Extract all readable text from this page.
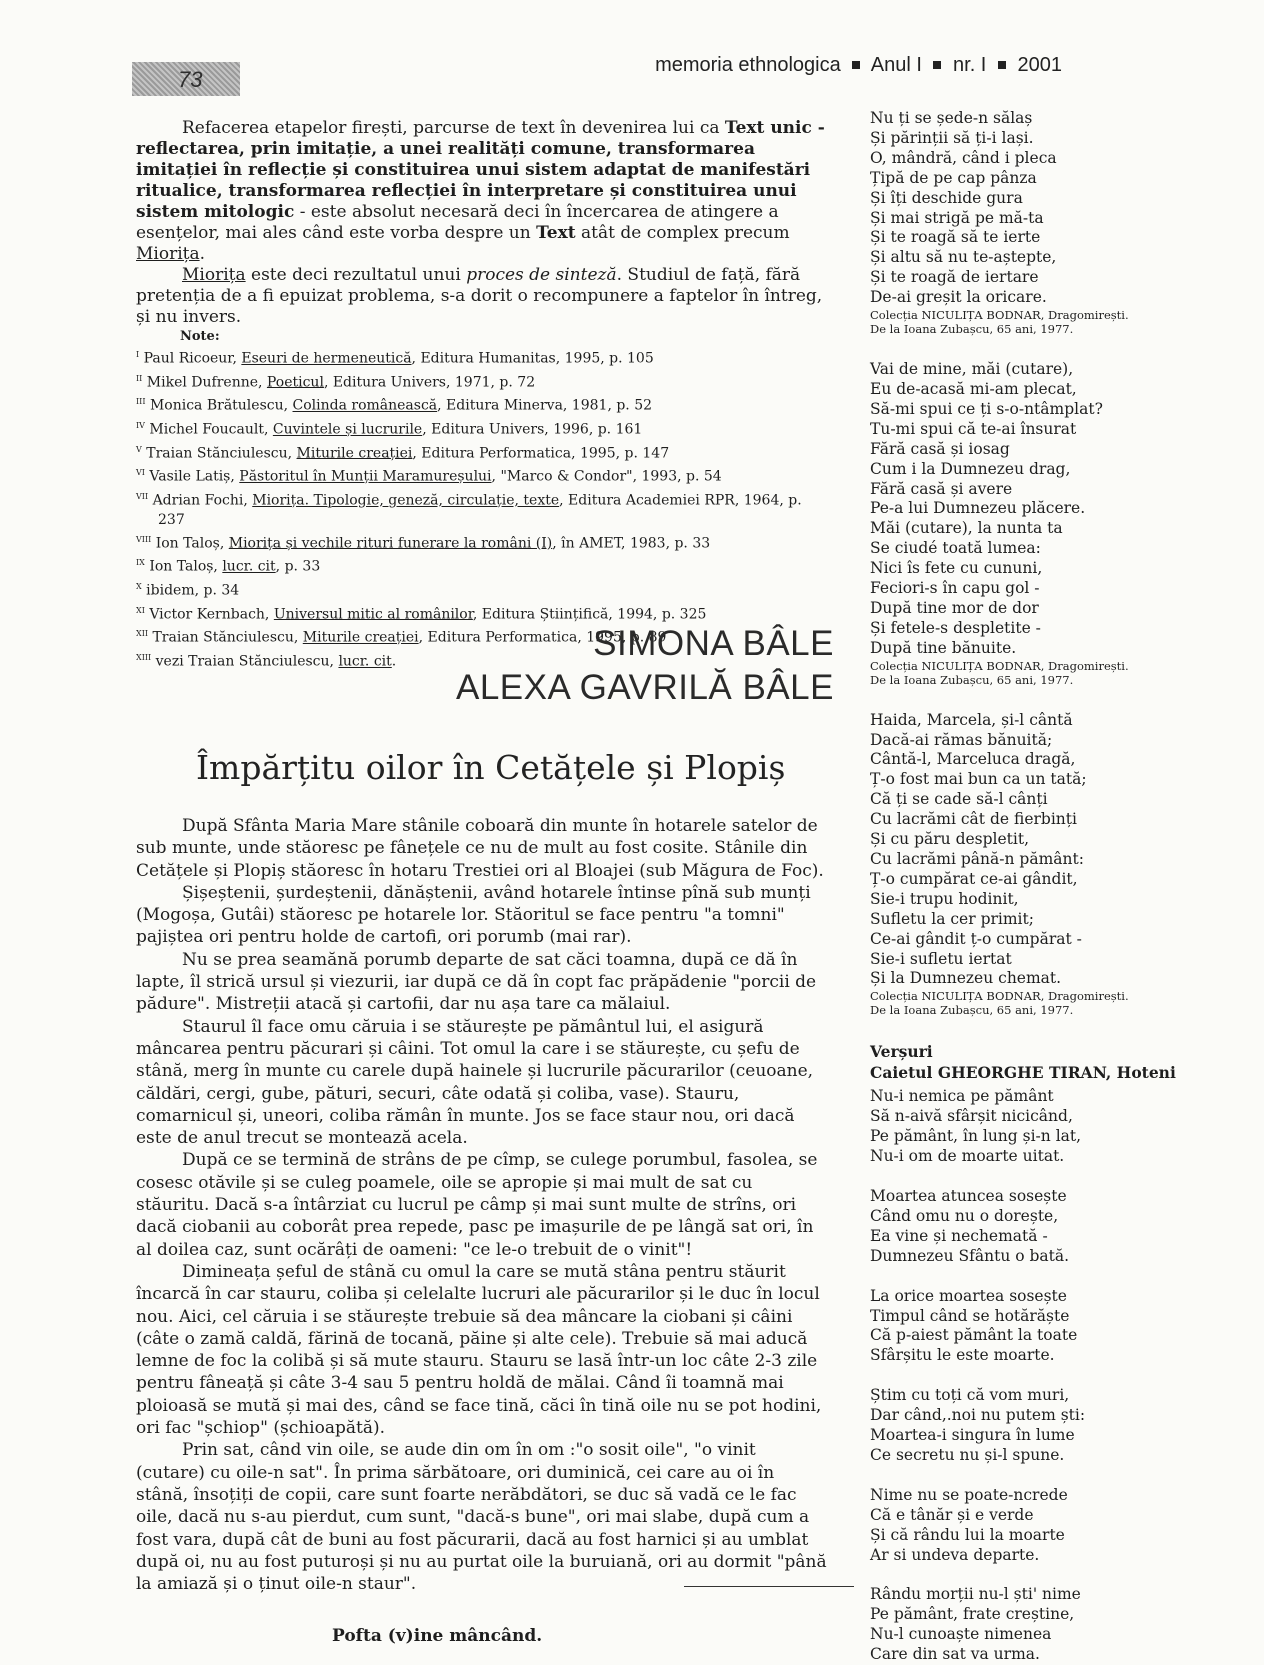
73
memoria ethnologica Anul I nr. I 2001

Refacerea etapelor firești, parcurse de text în devenirea lui ca Text unic - reflectarea, prin imitație, a unei realități comune, transformarea imitației în reflecție și constituirea unui sistem adaptat de manifestări ritualice, transformarea reflecției în interpretare și constituirea unui sistem mitologic - este absolut necesară deci în încercarea de atingere a esențelor, mai ales când este vorba despre un Text atât de complex precum Miorița.

Miorița este deci rezultatul unui proces de sinteză. Studiul de față, fără pretenția de a fi epuizat problema, s-a dorit o recompunere a faptelor în întreg, și nu invers.

Note:

$^I$ Paul Ricoeur, Eseuri de hermeneutică, Editura Humanitas, 1995, p. 105

$^{II}$ Mikel Dufrenne, Poeticul, Editura Univers, 1971, p. 72

$^{III}$ Monica Brătulescu, Colinda românească, Editura Minerva, 1981, p. 52

$^{IV}$ Michel Foucault, Cuvintele și lucrurile, Editura Univers, 1996, p. 161

$^V$ Traian Stănciulescu, Miturile creației, Editura Performatica, 1995, p. 147

$^{VI}$ Vasile Latiș, Păstoritul în Munții Maramureșului, "Marco & Condor", 1993, p. 54

$^{VII}$ Adrian Fochi, Miorița. Tipologie, geneză, circulație, texte, Editura Academiei RPR, 1964, p. 237

$^{VIII}$ Ion Taloș, Miorița și vechile rituri funerare la români (I), în AMET, 1983, p. 33

$^{IX}$ Ion Taloș, lucr. cit, p. 33

$^X$ ibidem, p. 34

$^{XI}$ Victor Kernbach, Universul mitic al românilor, Editura Științifică, 1994, p. 325

$^{XII}$ Traian Stănciulescu, Miturile creației, Editura Performatica, 1995, p. 89

$^{XIII}$ vezi Traian Stănciulescu, lucr. cit.	SIMONA BÂLE
ALEXA GAVRILĂ BÂLE
Împărțitu oilor în Cetățele și Plopiș

După Sfânta Maria Mare stânile coboară din munte în hotarele satelor de sub munte, unde stăoresc pe fânețele ce nu de mult au fost cosite. Stânile din Cetățele și Plopiș stăoresc în hotaru Trestiei ori al Bloajei (sub Măgura de Foc).

Șișeștenii, șurdeștenii, dănăștenii, având hotarele întinse pînă sub munți (Mogoșa, Gutâi) stăoresc pe hotarele lor. Stăoritul se face pentru "a tomni" pajiștea ori pentru holde de cartofi, ori porumb (mai rar).

Nu se prea seamănă porumb departe de sat căci toamna, după ce dă în lapte, îl strică ursul și viezurii, iar după ce dă în copt fac prăpădenie "porcii de pădure". Mistreții atacă și cartofii, dar nu așa tare ca mălaiul.

Staurul îl face omu căruia i se stăurește pe pământul lui, el asigură mâncarea pentru păcurari și câini. Tot omul la care i se stăurește, cu șefu de stână, merg în munte cu carele după hainele și lucrurile păcurarilor (ceuoane, căldări, cergi, gube, pături, securi, câte odată și coliba, vase). Stauru, comarnicul și, uneori, coliba rămân în munte. Jos se face staur nou, ori dacă este de anul trecut se montează acela.

După ce se termină de strâns de pe cîmp, se culege porumbul, fasolea, se cosesc otăvile și se culeg poamele, oile se apropie și mai mult de sat cu stăuritu. Dacă s-a întârziat cu lucrul pe câmp și mai sunt multe de strîns, ori dacă ciobanii au coborât prea repede, pasc pe imașurile de pe lângă sat ori, în al doilea caz, sunt ocărâți de oameni: "ce le-o trebuit de o vinit"!

Dimineața șeful de stână cu omul la care se mută stâna pentru stăurit încarcă în car stauru, coliba și celelalte lucruri ale păcurarilor și le duc în locul nou. Aici, cel căruia i se stăurește trebuie să dea mâncare la ciobani și câini (câte o zamă caldă, fărină de tocană, păine și alte cele). Trebuie să mai aducă lemne de foc la colibă și să mute stauru. Stauru se lasă într-un loc câte 2-3 zile pentru fâneață și câte 3-4 sau 5 pentru holdă de mălai. Când îi toamnă mai ploioasă se mută și mai des, când se face tină, căci în tină oile nu se pot hodini, ori fac "șchiop" (șchioapătă).

Prin sat, când vin oile, se aude din om în om :"o sosit oile", "o vinit (cutare) cu oile-n sat". În prima sărbătoare, ori duminică, cei care au oi în stână, însoțiți de copii, care sunt foarte nerăbdători, se duc să vadă ce le fac oile, dacă nu s-au pierdut, cum sunt, "dacă-s bune", ori mai slabe, după cum a fost vara, după cât de buni au fost păcurarii, dacă au fost harnici și au umblat după oi, nu au fost puturoși și nu au purtat oile la buruiană, ori au dormit "până la amiază și o ținut oile-n staur".

Pofta (v)ine mâncând.

Nu ți se șede-n sălaș

Și părinții să ți-i lași.

O, mândră, când i pleca

Țipă de pe cap pânza

Și îți deschide gura

Și mai strigă pe mă-ta

Și te roagă să te ierte

Și altu să nu te-aștepte,

Și te roagă de iertare

De-ai greșit la oricare.

Colecția NICULIȚA BODNAR, Dragomirești.

De la Ioana Zubașcu, 65 ani, 1977.

Vai de mine, măi (cutare),

Eu de-acasă mi-am plecat,

Să-mi spui ce ți s-o-ntâmplat?

Tu-mi spui că te-ai însurat

Fără casă și iosag

Cum i la Dumnezeu drag,

Fără casă și avere

Pe-a lui Dumnezeu plăcere.

Măi (cutare), la nunta ta

Se ciudé toată lumea:

Nici îs fete cu cununi,

Feciori-s în capu gol -

După tine mor de dor

Și fetele-s despletite -

După tine bănuite.

Colecția NICULIȚA BODNAR, Dragomirești.

De la Ioana Zubașcu, 65 ani, 1977.

Haida, Marcela, și-l cântă

Dacă-ai rămas bănuită;

Cântă-l, Marceluca dragă,

Ț-o fost mai bun ca un tată;

Că ți se cade să-l cânți

Cu lacrămi cât de fierbinți

Și cu păru despletit,

Cu lacrămi până-n pământ:

Ț-o cumpărat ce-ai gândit,

Sie-i trupu hodinit,

Sufletu la cer primit;

Ce-ai gândit ț-o cumpărat -

Sie-i sufletu iertat

Și la Dumnezeu chemat.

Colecția NICULIȚA BODNAR, Dragomirești.

De la Ioana Zubașcu, 65 ani, 1977.

Verșuri

Caietul GHEORGHE TIRAN, Hoteni

Nu-i nemica pe pământ

Să n-aivă sfârșit nicicând,

Pe pământ, în lung și-n lat,

Nu-i om de moarte uitat.

Moartea atuncea sosește

Când omu nu o dorește,

Ea vine și nechemată -

Dumnezeu Sfântu o bată.

La orice moartea sosește

Timpul când se hotărăște

Că p-aiest pământ la toate

Sfârșitu le este moarte.

Știm cu toți că vom muri,

Dar când,.noi nu putem ști:

Moartea-i singura în lume

Ce secretu nu și-l spune.

Nime nu se poate-ncrede

Că e tânăr și e verde

Și că rându lui la moarte

Ar si undeva departe.

Rându morții nu-l ști' nime

Pe pământ, frate creștine,

Nu-l cunoaște nimenea

Care din sat va urma.
